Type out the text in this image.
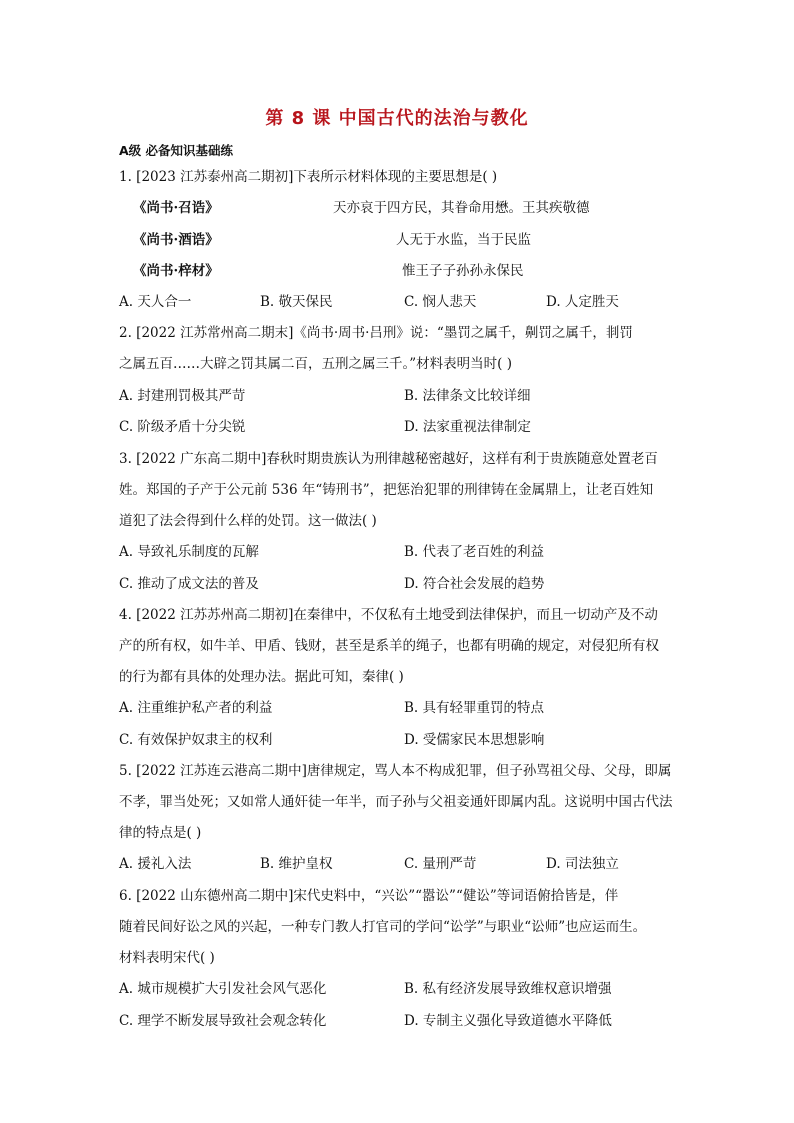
第 8 课 中国古代的法治与教化
A级 必备知识基础练
1. [2023 江苏泰州高二期初]下表所示材料体现的主要思想是( )
《尚书·召诰》	天亦哀于四方民，其眷命用懋。王其疾敬德
《尚书·酒诰》	人无于水监，当于民监
《尚书·梓材》	惟王子子孙孙永保民
A. 天人合一	B. 敬天保民	C. 悯人悲天	D. 人定胜天
2. [2022 江苏常州高二期末]《尚书·周书·吕刑》说：“墨罚之属千，劓罚之属千，剕罚
之属五百……大辟之罚其属二百，五刑之属三千。”材料表明当时( )
A. 封建刑罚极其严苛	B. 法律条文比较详细
C. 阶级矛盾十分尖锐	D. 法家重视法律制定
3. [2022 广东高二期中]春秋时期贵族认为刑律越秘密越好，这样有利于贵族随意处置老百
姓。郑国的子产于公元前 536 年“铸刑书”，把惩治犯罪的刑律铸在金属鼎上，让老百姓知
道犯了法会得到什么样的处罚。这一做法( )
A. 导致礼乐制度的瓦解	B. 代表了老百姓的利益
C. 推动了成文法的普及	D. 符合社会发展的趋势
4. [2022 江苏苏州高二期初]在秦律中，不仅私有土地受到法律保护，而且一切动产及不动
产的所有权，如牛羊、甲盾、钱财，甚至是系羊的绳子，也都有明确的规定，对侵犯所有权
的行为都有具体的处理办法。据此可知，秦律( )
A. 注重维护私产者的利益	B. 具有轻罪重罚的特点
C. 有效保护奴隶主的权利	D. 受儒家民本思想影响
5. [2022 江苏连云港高二期中]唐律规定，骂人本不构成犯罪，但子孙骂祖父母、父母，即属
不孝，罪当处死；又如常人通奸徒一年半，而子孙与父祖妾通奸即属内乱。这说明中国古代法
律的特点是( )
A. 援礼入法	B. 维护皇权	C. 量刑严苛	D. 司法独立
6. [2022 山东德州高二期中]宋代史料中，“兴讼”“嚣讼”“健讼”等词语俯拾皆是，伴
随着民间好讼之风的兴起，一种专门教人打官司的学问“讼学”与职业“讼师”也应运而生。
材料表明宋代( )
A. 城市规模扩大引发社会风气恶化	B. 私有经济发展导致维权意识增强
C. 理学不断发展导致社会观念转化	D. 专制主义强化导致道德水平降低
